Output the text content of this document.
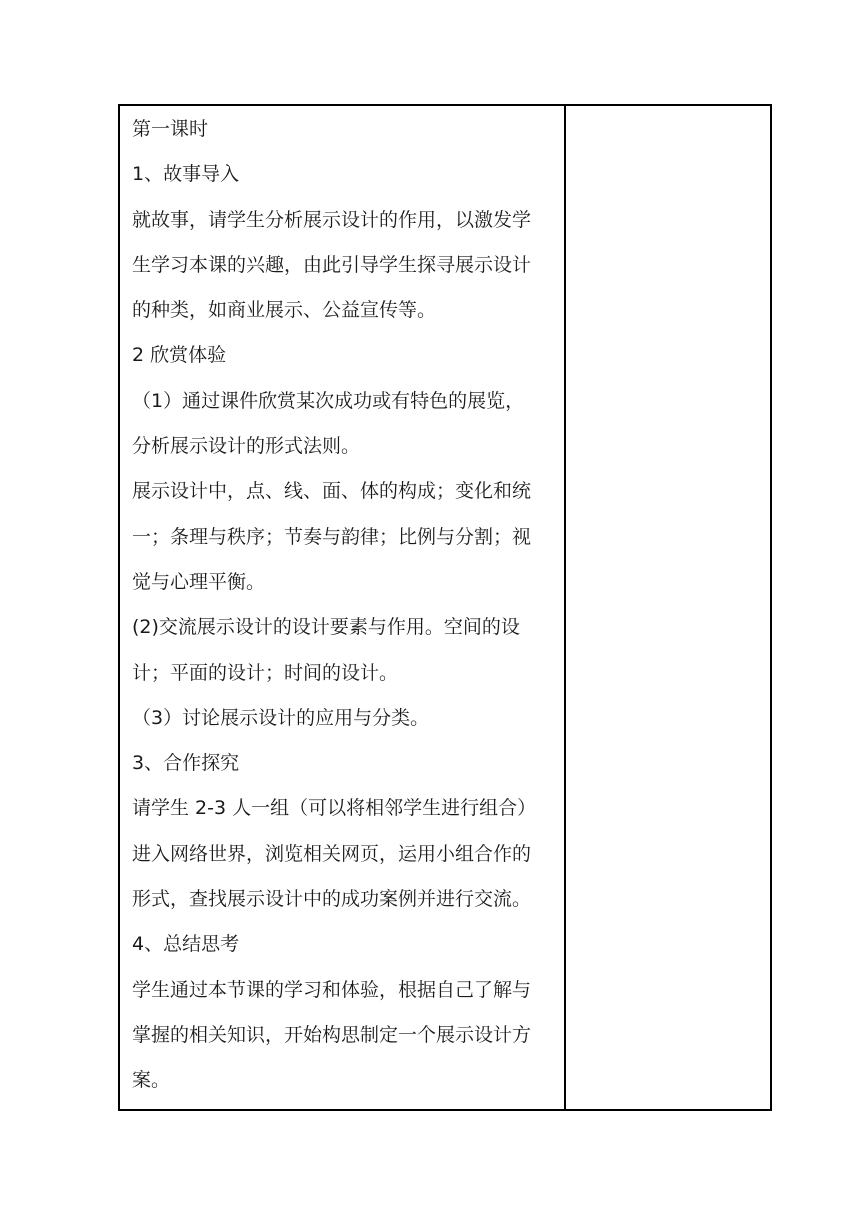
第一课时
1、故事导入
就故事，请学生分析展示设计的作用，以激发学
生学习本课的兴趣，由此引导学生探寻展示设计
的种类，如商业展示、公益宣传等。
2 欣赏体验
（1）通过课件欣赏某次成功或有特色的展览，
分析展示设计的形式法则。
展示设计中，点、线、面、体的构成；变化和统
一；条理与秩序；节奏与韵律；比例与分割；视
觉与心理平衡。
(2)交流展示设计的设计要素与作用。空间的设
计；平面的设计；时间的设计。
（3）讨论展示设计的应用与分类。
3、合作探究
请学生 2-3 人一组（可以将相邻学生进行组合）
进入网络世界，浏览相关网页，运用小组合作的
形式，查找展示设计中的成功案例并进行交流。
4、总结思考
学生通过本节课的学习和体验，根据自己了解与
掌握的相关知识，开始构思制定一个展示设计方
案。
